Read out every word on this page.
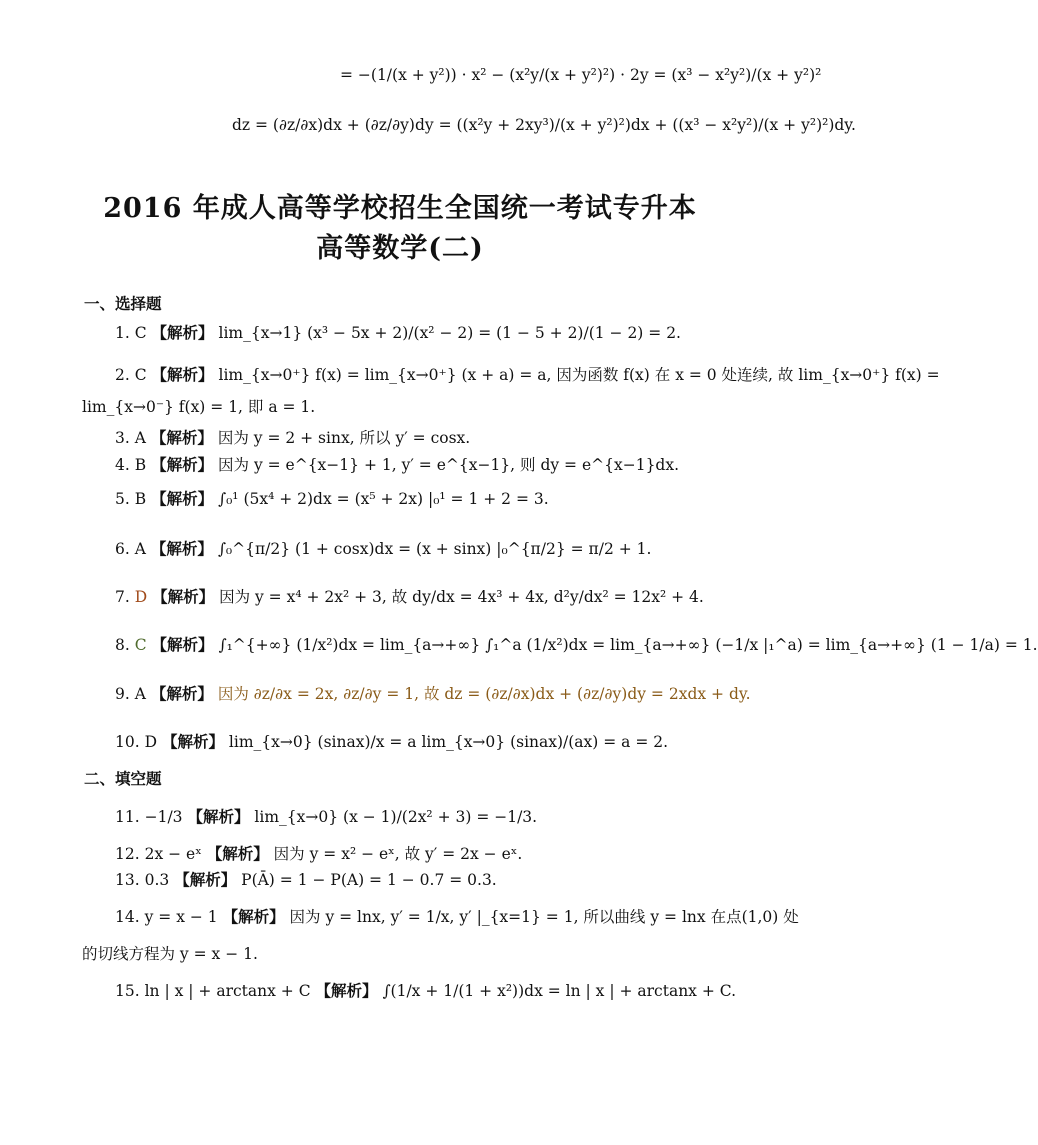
= −(1/(x + y²)) · x² − (x²y/(x + y²)²) · 2y = (x³ − x²y²)/(x + y²)²
dz = (∂z/∂x)dx + (∂z/∂y)dy = ((x²y + 2xy³)/(x + y²)²)dx + ((x³ − x²y²)/(x + y²)²)dy.
2016 年成人高等学校招生全国统一考试专升本
高等数学(二)
一、选择题
1. C 【解析】 lim_{x→1} (x³ − 5x + 2)/(x² − 2) = (1 − 5 + 2)/(1 − 2) = 2.
2. C 【解析】 lim_{x→0⁺} f(x) = lim_{x→0⁺} (x + a) = a, 因为函数 f(x) 在 x = 0 处连续, 故 lim_{x→0⁺} f(x) =
lim_{x→0⁻} f(x) = 1, 即 a = 1.
3. A 【解析】 因为 y = 2 + sinx, 所以 y′ = cosx.
4. B 【解析】 因为 y = e^{x−1} + 1, y′ = e^{x−1}, 则 dy = e^{x−1}dx.
5. B 【解析】 ∫₀¹ (5x⁴ + 2)dx = (x⁵ + 2x) |₀¹ = 1 + 2 = 3.
6. A 【解析】 ∫₀^{π/2} (1 + cosx)dx = (x + sinx) |₀^{π/2} = π/2 + 1.
7. D 【解析】 因为 y = x⁴ + 2x² + 3, 故 dy/dx = 4x³ + 4x, d²y/dx² = 12x² + 4.
8. C 【解析】 ∫₁^{+∞} (1/x²)dx = lim_{a→+∞} ∫₁^a (1/x²)dx = lim_{a→+∞} (−1/x |₁^a) = lim_{a→+∞} (1 − 1/a) = 1.
9. A 【解析】 因为 ∂z/∂x = 2x, ∂z/∂y = 1, 故 dz = (∂z/∂x)dx + (∂z/∂y)dy = 2xdx + dy.
10. D 【解析】 lim_{x→0} (sinax)/x = a lim_{x→0} (sinax)/(ax) = a = 2.
二、填空题
11. −1/3 【解析】 lim_{x→0} (x − 1)/(2x² + 3) = −1/3.
12. 2x − eˣ 【解析】 因为 y = x² − eˣ, 故 y′ = 2x − eˣ.
13. 0.3 【解析】 P(Ā) = 1 − P(A) = 1 − 0.7 = 0.3.
14. y = x − 1 【解析】 因为 y = lnx, y′ = 1/x, y′ |_{x=1} = 1, 所以曲线 y = lnx 在点(1,0) 处
的切线方程为 y = x − 1.
15. ln | x | + arctanx + C 【解析】 ∫(1/x + 1/(1 + x²))dx = ln | x | + arctanx + C.
